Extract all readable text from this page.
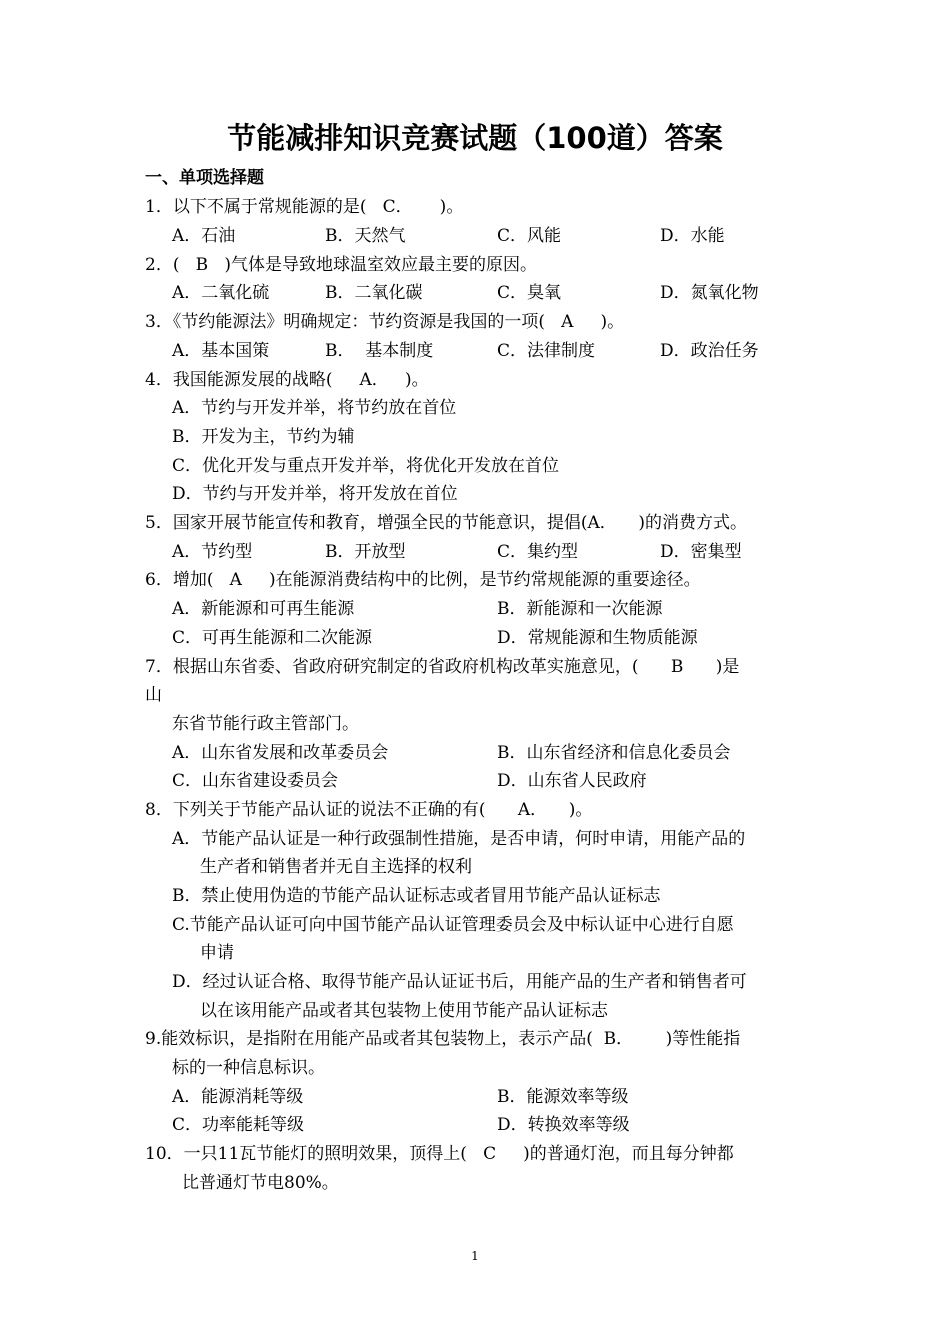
节能减排知识竞赛试题（100道）答案
一、单项选择题
1．以下不属于常规能源的是(   C．     )。
A．石油	B．天然气	C．风能	D．水能
2．(   B   )气体是导致地球温室效应最主要的原因。
A．二氧化硫	B．二氧化碳	C．臭氧	D．氮氧化物
3．《节约能源法》明确规定：节约资源是我国的一项(   A     )。
A．基本国策	B．  基本制度	C．法律制度	D．政治任务
4．我国能源发展的战略(     A．   )。
A．节约与开发并举，将节约放在首位
B．开发为主，节约为辅
C．优化开发与重点开发并举，将优化开发放在首位
D．节约与开发并举，将开发放在首位
5．国家开展节能宣传和教育，增强全民的节能意识，提倡(A．    )的消费方式。
A．节约型	B．开放型	C．集约型	D．密集型
6．增加(   A     )在能源消费结构中的比例，是节约常规能源的重要途径。
A．新能源和可再生能源	B．新能源和一次能源
C．可再生能源和二次能源	D．常规能源和生物质能源
7．根据山东省委、省政府研究制定的省政府机构改革实施意见，(      B      )是
山
东省节能行政主管部门。
A．山东省发展和改革委员会	B．山东省经济和信息化委员会
C．山东省建设委员会	D．山东省人民政府
8．下列关于节能产品认证的说法不正确的有(      A．    )。
A．节能产品认证是一种行政强制性措施，是否申请，何时申请，用能产品的
生产者和销售者并无自主选择的权利
B．禁止使用伪造的节能产品认证标志或者冒用节能产品认证标志
C.节能产品认证可向中国节能产品认证管理委员会及中标认证中心进行自愿
申请
D．经过认证合格、取得节能产品认证证书后，用能产品的生产者和销售者可
以在该用能产品或者其包装物上使用节能产品认证标志
9.能效标识，是指附在用能产品或者其包装物上，表示产品(  B．      )等性能指
标的一种信息标识。
A．能源消耗等级	B．能源效率等级
C．功率能耗等级	D．转换效率等级
10．一只11瓦节能灯的照明效果，顶得上(   C     )的普通灯泡，而且每分钟都
比普通灯节电80%。
1
